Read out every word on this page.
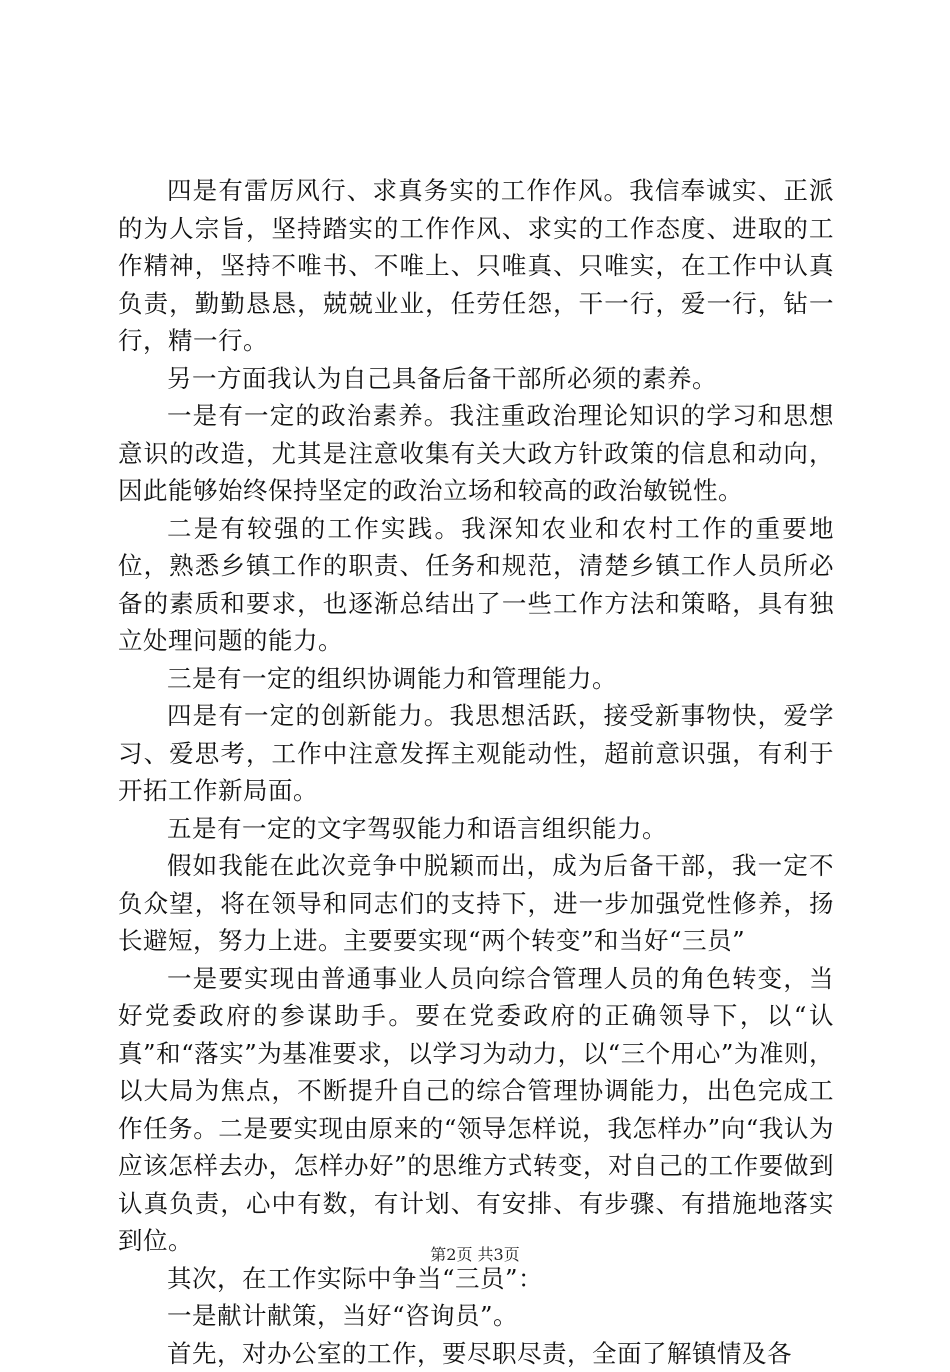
四是有雷厉风行、求真务实的工作作风。我信奉诚实、正派的为人宗旨，坚持踏实的工作作风、求实的工作态度、进取的工作精神，坚持不唯书、不唯上、只唯真、只唯实，在工作中认真负责，勤勤恳恳，兢兢业业，任劳任怨，干一行，爱一行，钻一行，精一行。

另一方面我认为自己具备后备干部所必须的素养。

一是有一定的政治素养。我注重政治理论知识的学习和思想意识的改造，尤其是注意收集有关大政方针政策的信息和动向，因此能够始终保持坚定的政治立场和较高的政治敏锐性。

二是有较强的工作实践。我深知农业和农村工作的重要地位，熟悉乡镇工作的职责、任务和规范，清楚乡镇工作人员所必备的素质和要求，也逐渐总结出了一些工作方法和策略，具有独立处理问题的能力。

三是有一定的组织协调能力和管理能力。

四是有一定的创新能力。我思想活跃，接受新事物快，爱学习、爱思考，工作中注意发挥主观能动性，超前意识强，有利于开拓工作新局面。

五是有一定的文字驾驭能力和语言组织能力。

假如我能在此次竞争中脱颖而出，成为后备干部，我一定不负众望，将在领导和同志们的支持下，进一步加强党性修养，扬长避短，努力上进。主要要实现“两个转变”和当好“三员”

一是要实现由普通事业人员向综合管理人员的角色转变，当好党委政府的参谋助手。要在党委政府的正确领导下，以“认真”和“落实”为基准要求，以学习为动力，以“三个用心”为准则，以大局为焦点，不断提升自己的综合管理协调能力，出色完成工作任务。二是要实现由原来的“领导怎样说，我怎样办”向“我认为应该怎样去办，怎样办好”的思维方式转变，对自己的工作要做到认真负责，心中有数，有计划、有安排、有步骤、有措施地落实到位。

其次，在工作实际中争当“三员”：

一是献计献策，当好“咨询员”。

首先，对办公室的工作，要尽职尽责，全面了解镇情及各

第2页 共3页
